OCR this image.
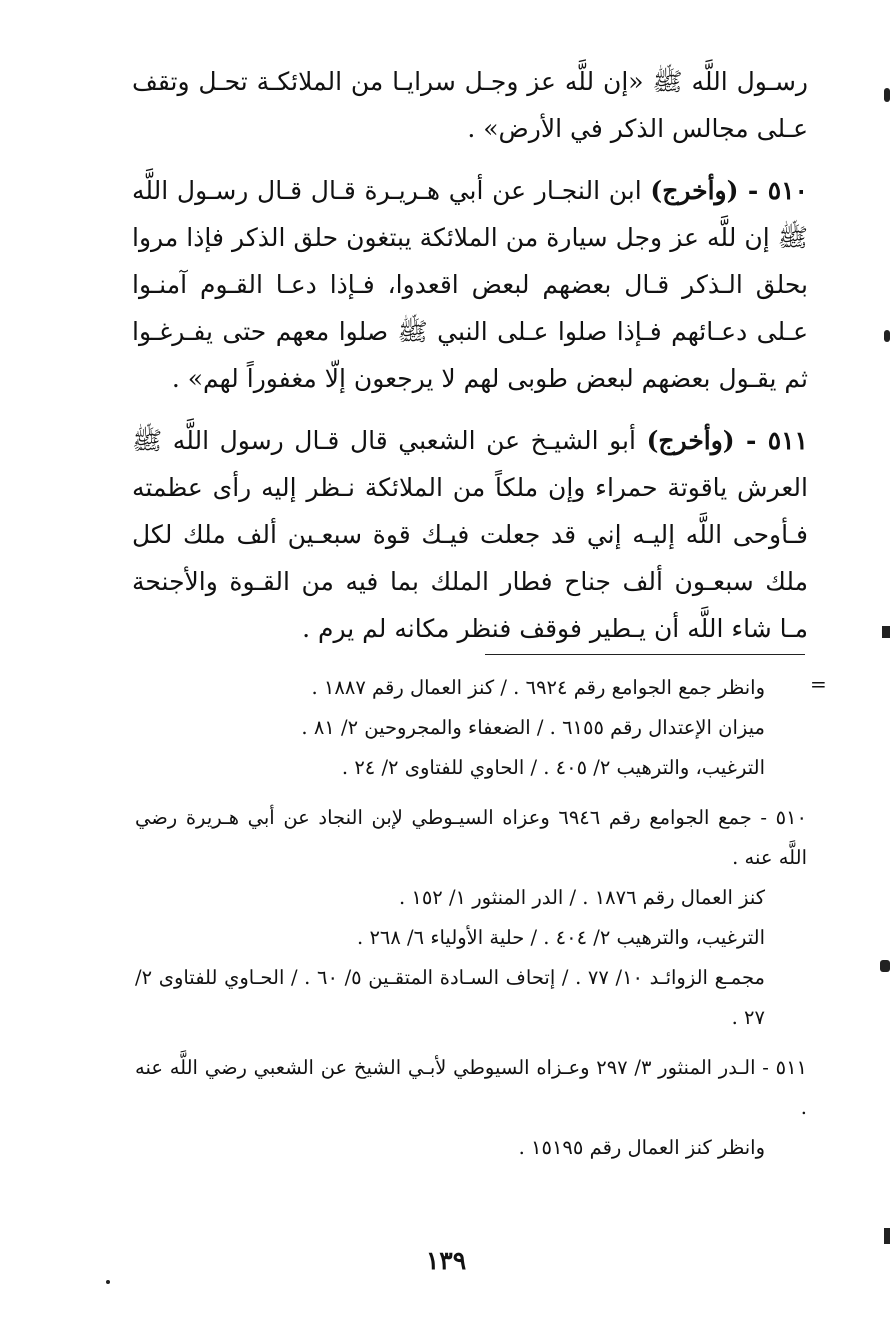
رسـول اللَّه ﷺ «إن للَّه عز وجـل سرايـا من الملائكـة تحـل وتقف عـلى مجالس الذكر في الأرض» .

٥١٠ - (وأخرج) ابن النجـار عن أبي هـريـرة قـال قـال رسـول اللَّه ﷺ إن للَّه عز وجل سيارة من الملائكة يبتغون حلق الذكر فإذا مروا بحلق الـذكر قـال بعضهم لبعض اقعدوا، فـإذا دعـا القـوم آمنـوا عـلى دعـائهم فـإذا صلوا عـلى النبي ﷺ صلوا معهم حتى يفـرغـوا ثم يقـول بعضهم لبعض طوبى لهم لا يرجعون إلّا مغفوراً لهم» .

٥١١ - (وأخرج) أبو الشيـخ عن الشعبي قال قـال رسول اللَّه ﷺ العرش ياقوتة حمراء وإن ملكاً من الملائكة نـظر إليه رأى عظمته فـأوحى اللَّه إليـه إني قد جعلت فيـك قوة سبعـين ألف ملك لكل ملك سبعـون ألف جناح فطار الملك بما فيه من القـوة والأجنحة مـا شاء اللَّه أن يـطير فوقف فنظر مكانه لم يرم .

=
وانظر جمع الجوامع رقم ٦٩٢٤ . / كنز العمال رقم ١٨٨٧ .
ميزان الإعتدال رقم ٦١٥٥ . / الضعفاء والمجروحين ٢/ ٨١ .
الترغيب، والترهيب ٢/ ٤٠٥ . / الحاوي للفتاوى ٢/ ٢٤ .
٥١٠ - جمع الجوامع رقم ٦٩٤٦ وعزاه السيـوطي لإبن النجاد عن أبي هـريرة رضي اللَّه عنه .
كنز العمال رقم ١٨٧٦ . / الدر المنثور ١/ ١٥٢ .
الترغيب، والترهيب ٢/ ٤٠٤ . / حلية الأولياء ٦/ ٢٦٨ .
مجمـع الزوائـد ١٠/ ٧٧ . / إتحاف السـادة المتقـين ٥/ ٦٠ . / الحـاوي للفتاوى ٢/ ٢٧ .
٥١١ - الـدر المنثور ٣/ ٢٩٧ وعـزاه السيوطي لأبـي الشيخ عن الشعبي رضي اللَّه عنه .
وانظر كنز العمال رقم ١٥١٩٥ .
١٣٩
